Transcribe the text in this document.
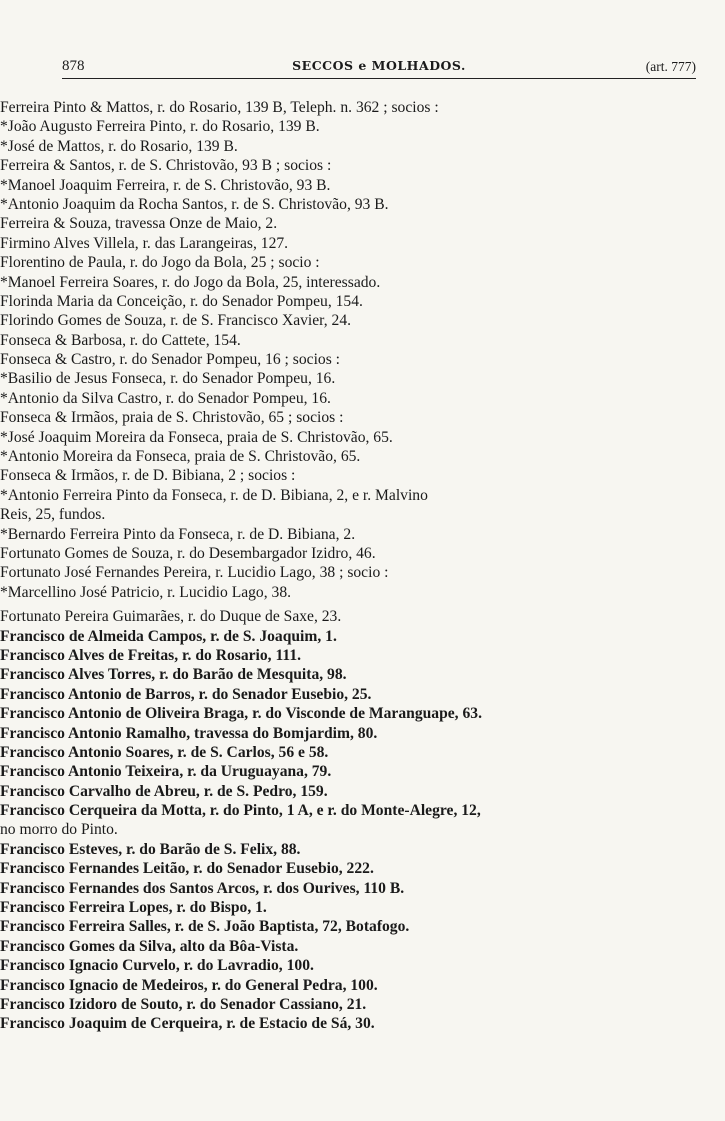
878	SECCOS e MOLHADOS.	(art. 777)
Ferreira Pinto & Mattos, r. do Rosario, 139 B, Teleph. n. 362 ; socios :
*João Augusto Ferreira Pinto, r. do Rosario, 139 B.
*José de Mattos, r. do Rosario, 139 B.
Ferreira & Santos, r. de S. Christovão, 93 B ; socios :
*Manoel Joaquim Ferreira, r. de S. Christovão, 93 B.
*Antonio Joaquim da Rocha Santos, r. de S. Christovão, 93 B.
Ferreira & Souza, travessa Onze de Maio, 2.
Firmino Alves Villela, r. das Larangeiras, 127.
Florentino de Paula, r. do Jogo da Bola, 25 ; socio :
*Manoel Ferreira Soares, r. do Jogo da Bola, 25, interessado.
Florinda Maria da Conceição, r. do Senador Pompeu, 154.
Florindo Gomes de Souza, r. de S. Francisco Xavier, 24.
Fonseca & Barbosa, r. do Cattete, 154.
Fonseca & Castro, r. do Senador Pompeu, 16 ; socios :
*Basilio de Jesus Fonseca, r. do Senador Pompeu, 16.
*Antonio da Silva Castro, r. do Senador Pompeu, 16.
Fonseca & Irmãos, praia de S. Christovão, 65 ; socios :
*José Joaquim Moreira da Fonseca, praia de S. Christovão, 65.
*Antonio Moreira da Fonseca, praia de S. Christovão, 65.
Fonseca & Irmãos, r. de D. Bibiana, 2 ; socios :
*Antonio Ferreira Pinto da Fonseca, r. de D. Bibiana, 2, e r. Malvino
Reis, 25, fundos.
*Bernardo Ferreira Pinto da Fonseca, r. de D. Bibiana, 2.
Fortunato Gomes de Souza, r. do Desembargador Izidro, 46.
Fortunato José Fernandes Pereira, r. Lucidio Lago, 38 ; socio :
*Marcellino José Patricio, r. Lucidio Lago, 38.
Fortunato Pereira Guimarães, r. do Duque de Saxe, 23.
Francisco de Almeida Campos, r. de S. Joaquim, 1.
Francisco Alves de Freitas, r. do Rosario, 111.
Francisco Alves Torres, r. do Barão de Mesquita, 98.
Francisco Antonio de Barros, r. do Senador Eusebio, 25.
Francisco Antonio de Oliveira Braga, r. do Visconde de Maranguape, 63.
Francisco Antonio Ramalho, travessa do Bomjardim, 80.
Francisco Antonio Soares, r. de S. Carlos, 56 e 58.
Francisco Antonio Teixeira, r. da Uruguayana, 79.
Francisco Carvalho de Abreu, r. de S. Pedro, 159.
Francisco Cerqueira da Motta, r. do Pinto, 1 A, e r. do Monte-Alegre, 12,
no morro do Pinto.
Francisco Esteves, r. do Barão de S. Felix, 88.
Francisco Fernandes Leitão, r. do Senador Eusebio, 222.
Francisco Fernandes dos Santos Arcos, r. dos Ourives, 110 B.
Francisco Ferreira Lopes, r. do Bispo, 1.
Francisco Ferreira Salles, r. de S. João Baptista, 72, Botafogo.
Francisco Gomes da Silva, alto da Bôa-Vista.
Francisco Ignacio Curvelo, r. do Lavradio, 100.
Francisco Ignacio de Medeiros, r. do General Pedra, 100.
Francisco Izidoro de Souto, r. do Senador Cassiano, 21.
Francisco Joaquim de Cerqueira, r. de Estacio de Sá, 30.
